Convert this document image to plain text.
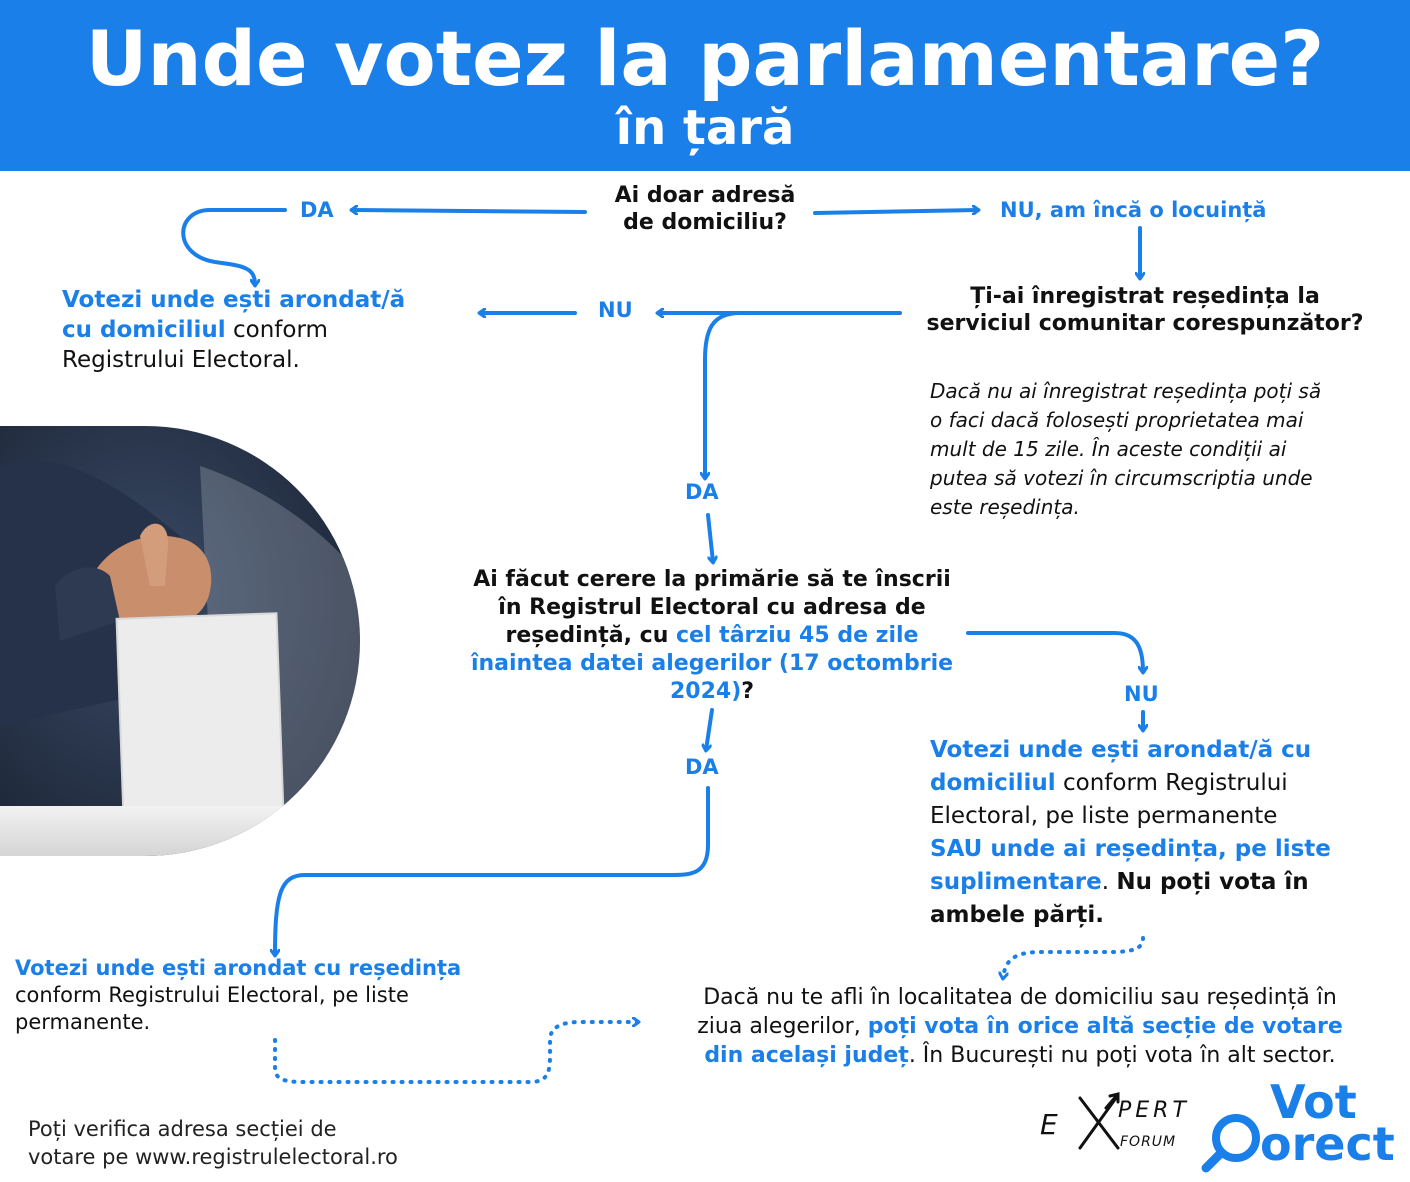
Unde votez la parlamentare?
în țară
Ai doar adresă
de domiciliu?
DA	NU, am încă o locuință
Votezi unde ești arondat/ă
cu domiciliul conform
Registrului Electoral.
Ți-ai înregistrat reședința la
serviciul comunitar corespunzător?
NU
DA
Dacă nu ai înregistrat reședința poți să
o faci dacă folosești proprietatea mai
mult de 15 zile. În aceste condiții ai
putea să votezi în circumscriptia unde
este reședința.
Ai făcut cerere la primărie să te înscrii
în Registrul Electoral cu adresa de
reședință, cu cel târziu 45 de zile
înaintea datei alegerilor (17 octombrie
2024)?	NU
DA
Votezi unde ești arondat/ă cu
domiciliul conform Registrului
Electoral, pe liste permanente
SAU unde ai reședința, pe liste
suplimentare. Nu poți vota în
ambele părți.
Votezi unde ești arondat cu reședința
conform Registrului Electoral, pe liste
permanente.
Dacă nu te afli în localitatea de domiciliu sau reședință în
ziua alegerilor, poți vota în orice altă secție de votare
din același județ. În București nu poți vota în alt sector.
Poți verifica adresa secției de
votare pe www.registrulelectoral.ro
E	PERT
FORUM
Vot
orect
